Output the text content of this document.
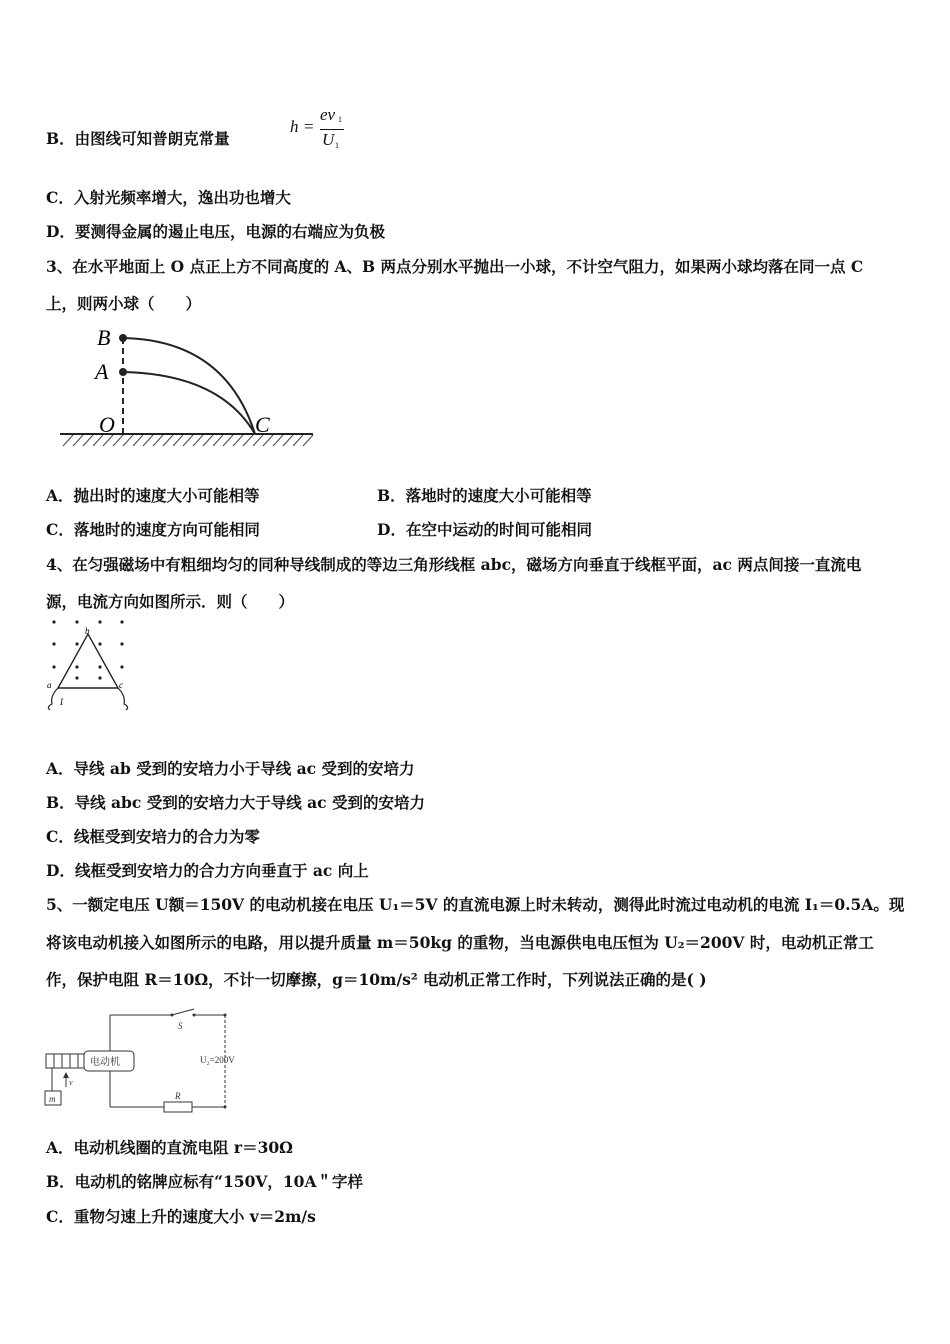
B．由图线可知普朗克常量
h =
ev 1
U 1
C．入射光频率增大，逸出功也增大
D．要测得金属的遏止电压，电源的右端应为负极
3、在水平地面上 O 点正上方不同高度的 A、B 两点分别水平抛出一小球，不计空气阻力，如果两小球均落在同一点 C
上，则两小球（　　）
B
A
O	C
A．抛出时的速度大小可能相等	B．落地时的速度大小可能相等
C．落地时的速度方向可能相同	D．在空中运动的时间可能相同
4、在匀强磁场中有粗细均匀的同种导线制成的等边三角形线框 abc，磁场方向垂直于线框平面，ac 两点间接一直流电
源，电流方向如图所示．则（　　）
b
a	c
I
A．导线 ab 受到的安培力小于导线 ac 受到的安培力
B．导线 abc 受到的安培力大于导线 ac 受到的安培力
C．线框受到安培力的合力为零
D．线框受到安培力的合力方向垂直于 ac 向上
5、一额定电压 U额＝150V 的电动机接在电压 U₁＝5V 的直流电源上时未转动，测得此时流过电动机的电流 I₁＝0.5A。现
将该电动机接入如图所示的电路，用以提升质量 m＝50kg 的重物，当电源供电电压恒为 U₂＝200V 时，电动机正常工
作，保护电阻 R＝10Ω，不计一切摩擦，g＝10m/s² 电动机正常工作时，下列说法正确的是( )
电动机
S
U₂=200V
R
m
v
A．电动机线圈的直流电阻 r＝30Ω
B．电动机的铭牌应标有“150V，10A＂字样
C．重物匀速上升的速度大小 v＝2m/s
